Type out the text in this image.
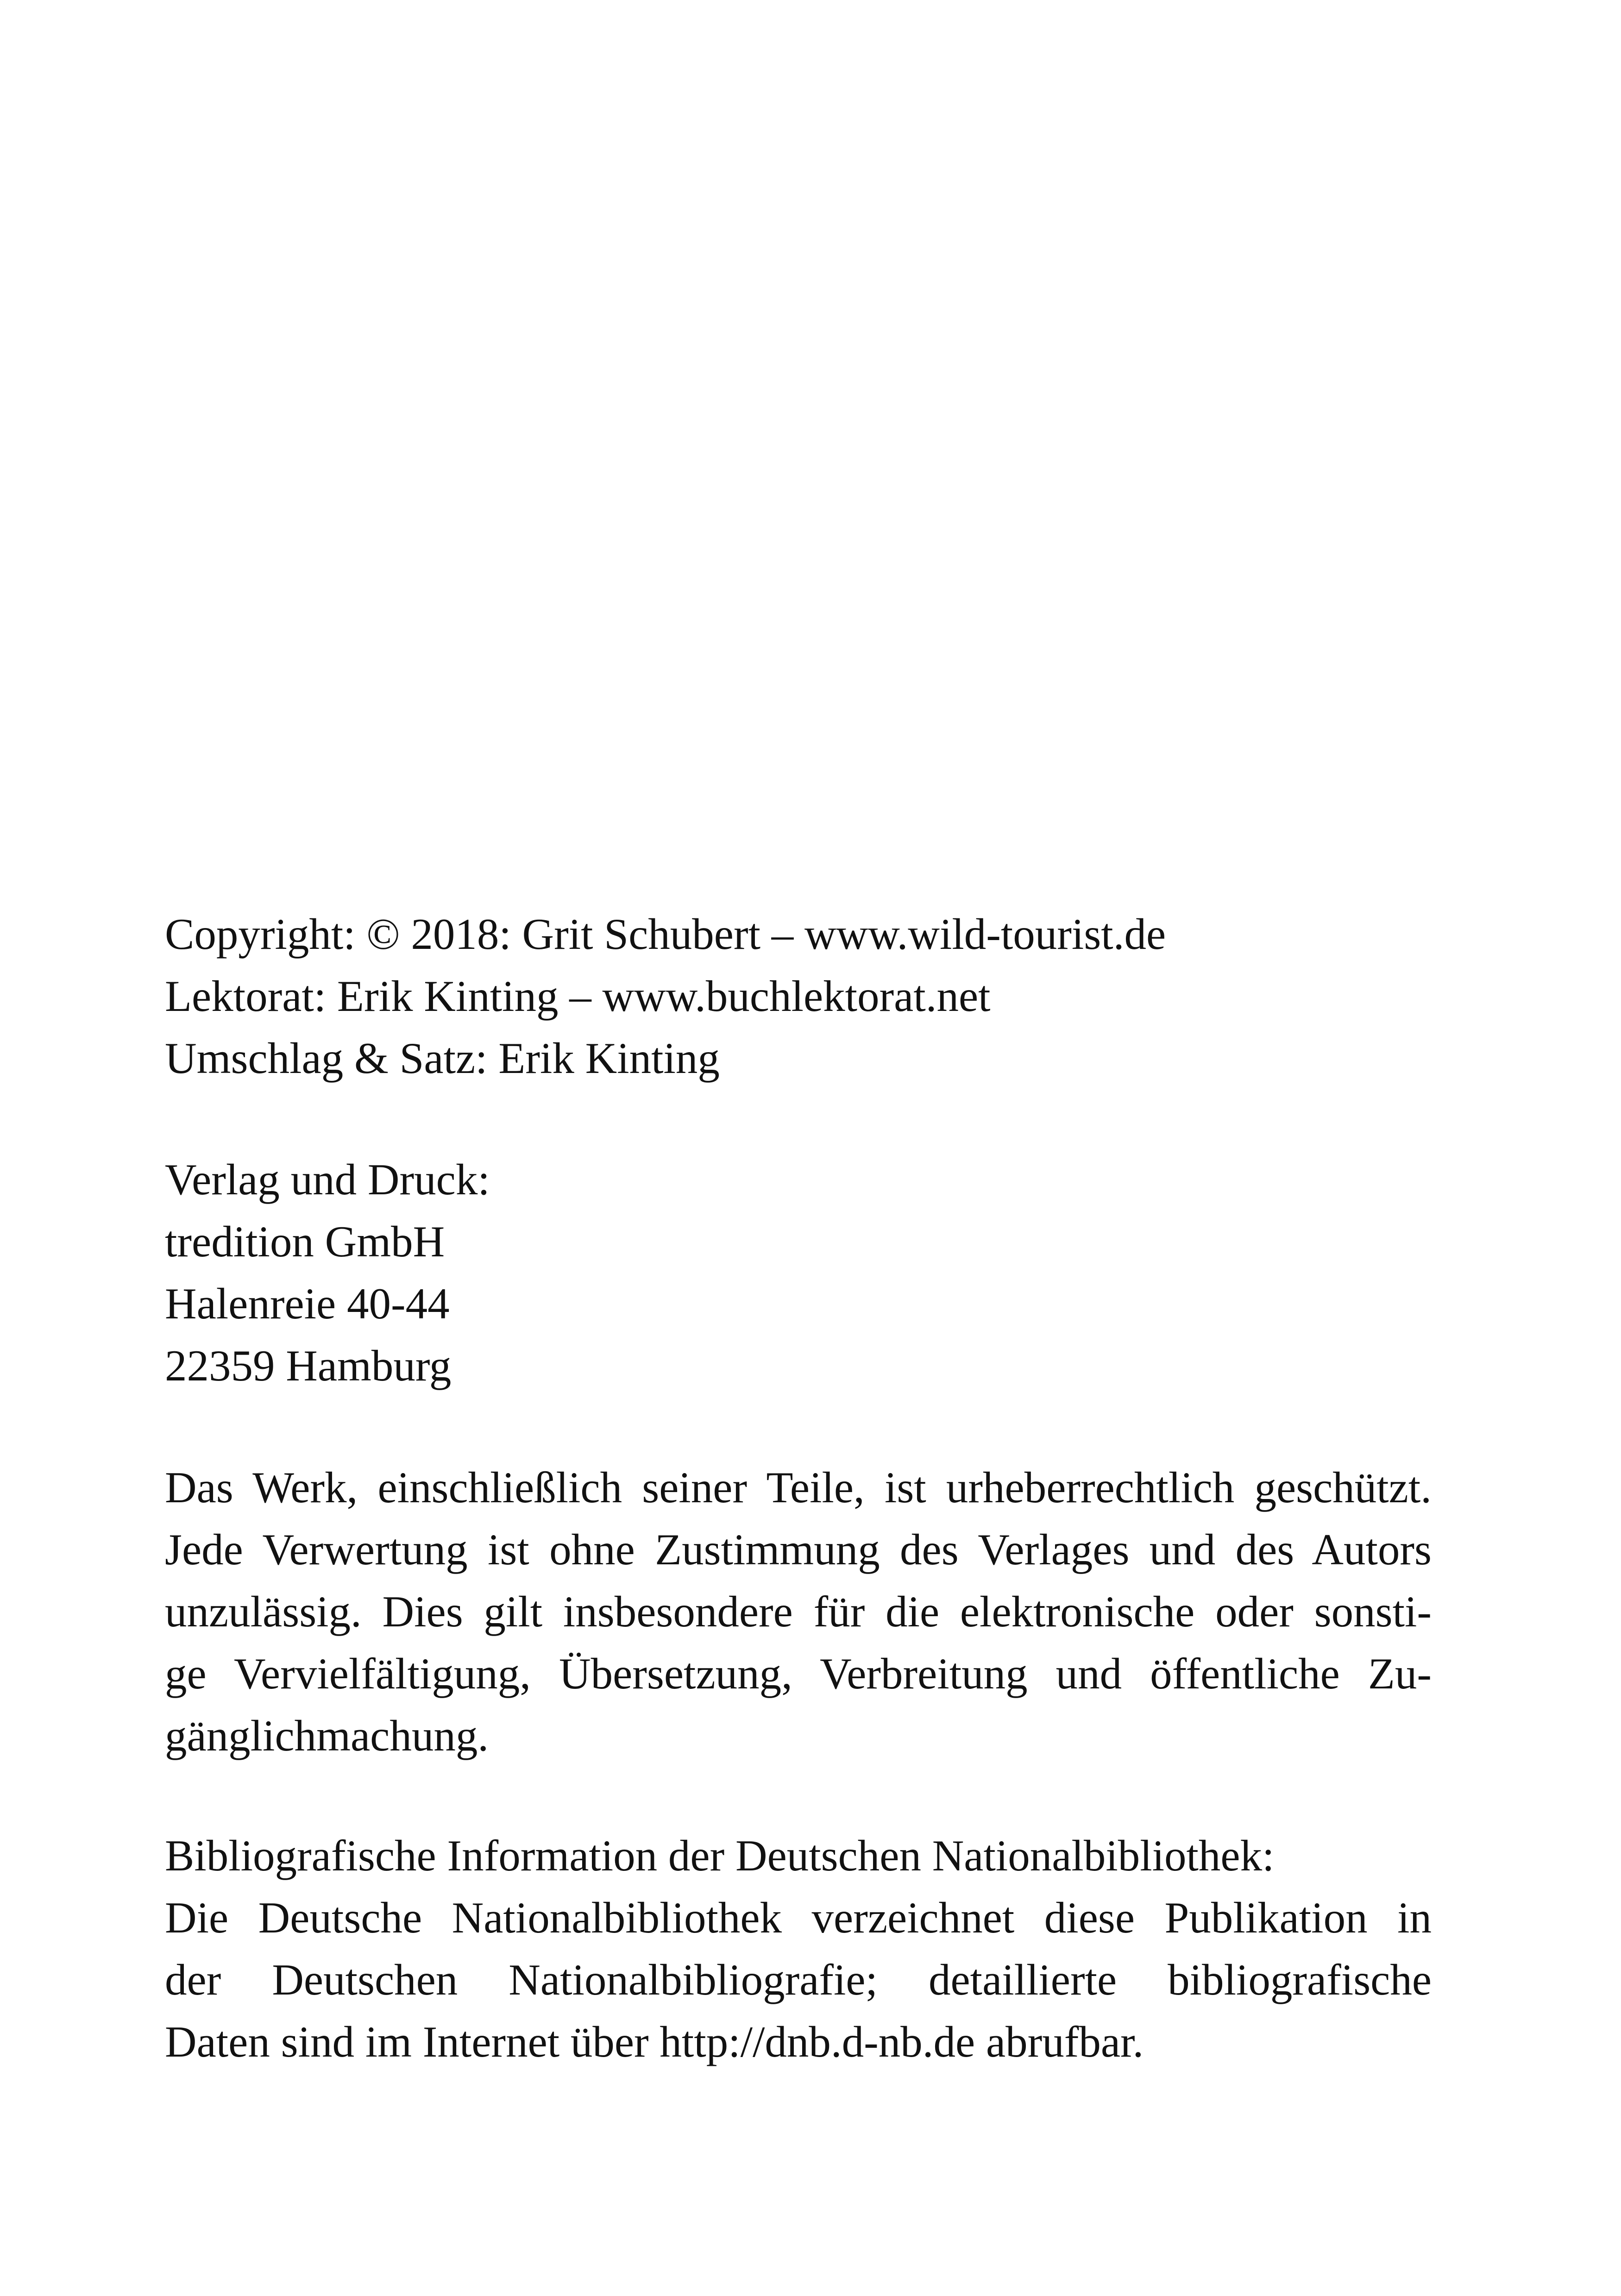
Copyright: © 2018: Grit Schubert – www.wild-tourist.de
Lektorat: Erik Kinting – www.buchlektorat.net
Umschlag & Satz: Erik Kinting
Verlag und Druck:
tredition GmbH
Halenreie 40-44
22359 Hamburg
Das Werk, einschließlich seiner Teile, ist urheberrechtlich geschützt.
Jede Verwertung ist ohne Zustimmung des Verlages und des Autors
unzulässig. Dies gilt insbesondere für die elektronische oder sonsti-
ge Vervielfältigung, Übersetzung, Verbreitung und öffentliche Zu-
gänglichmachung.
Bibliografische Information der Deutschen Nationalbibliothek:
Die Deutsche Nationalbibliothek verzeichnet diese Publikation in
der Deutschen Nationalbibliografie; detaillierte bibliografische
Daten sind im Internet über http://dnb.d-nb.de abrufbar.
